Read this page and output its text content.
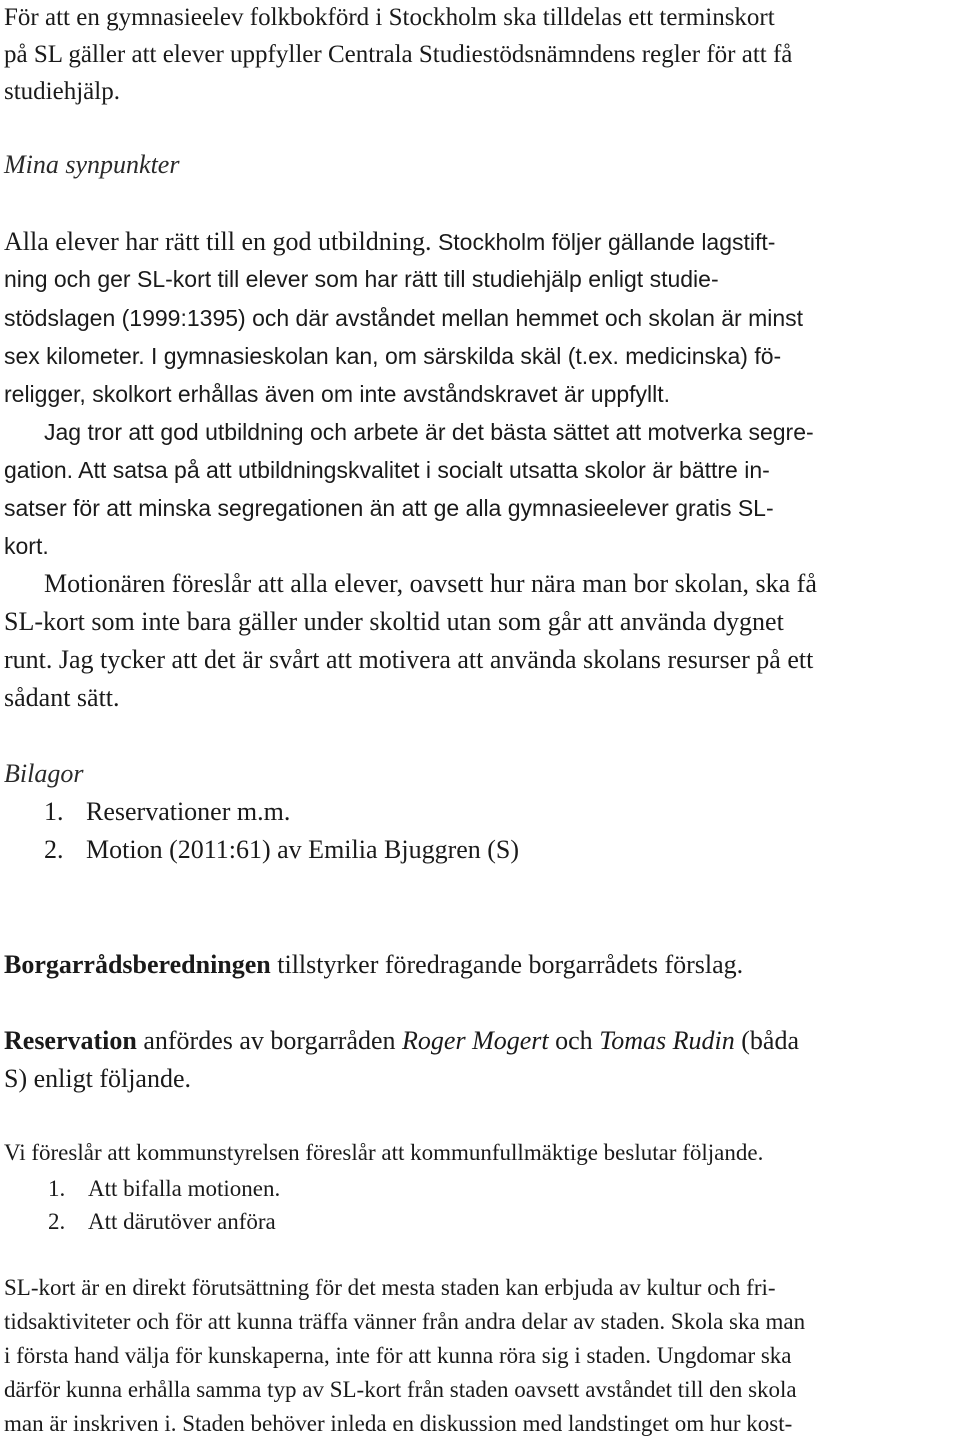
För att en gymnasieelev folkbokförd i Stockholm ska tilldelas ett terminskort
på SL gäller att elever uppfyller Centrala Studiestödsnämndens regler för att få
studiehjälp.
Mina synpunkter
Alla elever har rätt till en god utbildning. Stockholm följer gällande lagstift-
ning och ger SL-kort till elever som har rätt till studiehjälp enligt studie-
stödslagen (1999:1395) och där avståndet mellan hemmet och skolan är minst
sex kilometer. I gymnasieskolan kan, om särskilda skäl (t.ex. medicinska) fö-
religger, skolkort erhållas även om inte avståndskravet är uppfyllt.
Jag tror att god utbildning och arbete är det bästa sättet att motverka segre-
gation. Att satsa på att utbildningskvalitet i socialt utsatta skolor är bättre in-
satser för att minska segregationen än att ge alla gymnasieelever gratis SL-
kort.
Motionären föreslår att alla elever, oavsett hur nära man bor skolan, ska få
SL-kort som inte bara gäller under skoltid utan som går att använda dygnet
runt. Jag tycker att det är svårt att motivera att använda skolans resurser på ett
sådant sätt.
Bilagor
1. Reservationer m.m.
2. Motion (2011:61) av Emilia Bjuggren (S)
Borgarrådsberedningen tillstyrker föredragande borgarrådets förslag.
Reservation anfördes av borgarråden Roger Mogert och Tomas Rudin (båda
S) enligt följande.
Vi föreslår att kommunstyrelsen föreslår att kommunfullmäktige beslutar följande.
1. Att bifalla motionen.
2. Att därutöver anföra
SL-kort är en direkt förutsättning för det mesta staden kan erbjuda av kultur och fri-
tidsaktiviteter och för att kunna träffa vänner från andra delar av staden. Skola ska man
i första hand välja för kunskaperna, inte för att kunna röra sig i staden. Ungdomar ska
därför kunna erhålla samma typ av SL-kort från staden oavsett avståndet till den skola
man är inskriven i. Staden behöver inleda en diskussion med landstinget om hur kost-
